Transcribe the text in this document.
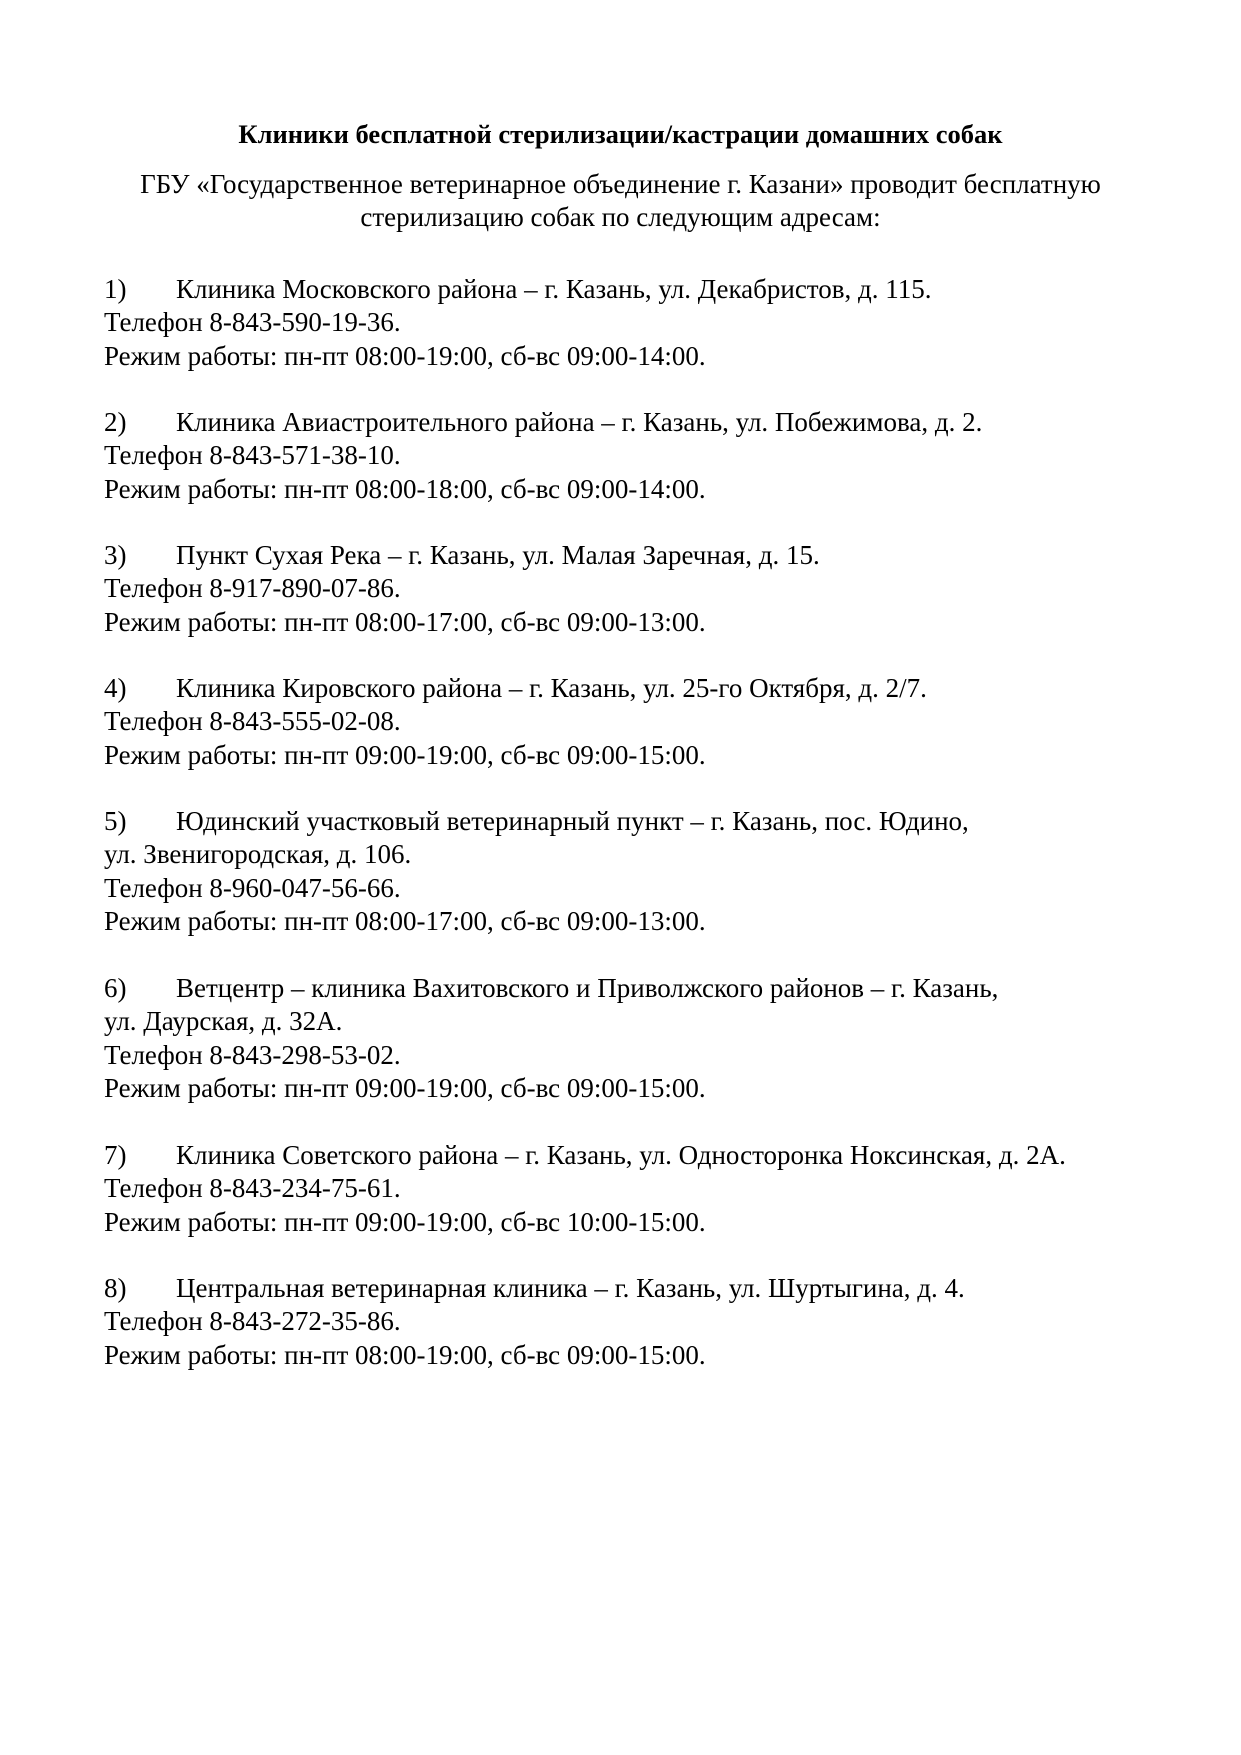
Клиники бесплатной стерилизации/кастрации домашних собак
ГБУ «Государственное ветеринарное объединение г. Казани» проводит бесплатную
стерилизацию собак по следующим адресам:
1) Клиника Московского района – г. Казань, ул. Декабристов, д. 115.
Телефон 8-843-590-19-36.
Режим работы: пн-пт 08:00-19:00, сб-вс 09:00-14:00.
2) Клиника Авиастроительного района – г. Казань, ул. Побежимова, д. 2.
Телефон 8-843-571-38-10.
Режим работы: пн-пт 08:00-18:00, сб-вс 09:00-14:00.
3) Пункт Сухая Река – г. Казань, ул. Малая Заречная, д. 15.
Телефон 8-917-890-07-86.
Режим работы: пн-пт 08:00-17:00, сб-вс 09:00-13:00.
4) Клиника Кировского района – г. Казань, ул. 25-го Октября, д. 2/7.
Телефон 8-843-555-02-08.
Режим работы: пн-пт 09:00-19:00, сб-вс 09:00-15:00.
5) Юдинский участковый ветеринарный пункт – г. Казань, пос. Юдино,
ул. Звенигородская, д. 106.
Телефон 8-960-047-56-66.
Режим работы: пн-пт 08:00-17:00, сб-вс 09:00-13:00.
6) Ветцентр – клиника Вахитовского и Приволжского районов – г. Казань,
ул. Даурская, д. 32А.
Телефон 8-843-298-53-02.
Режим работы: пн-пт 09:00-19:00, сб-вс 09:00-15:00.
7) Клиника Советского района – г. Казань, ул. Односторонка Ноксинская, д. 2А.
Телефон 8-843-234-75-61.
Режим работы: пн-пт 09:00-19:00, сб-вс 10:00-15:00.
8) Центральная ветеринарная клиника – г. Казань, ул. Шуртыгина, д. 4.
Телефон 8-843-272-35-86.
Режим работы: пн-пт 08:00-19:00, сб-вс 09:00-15:00.
